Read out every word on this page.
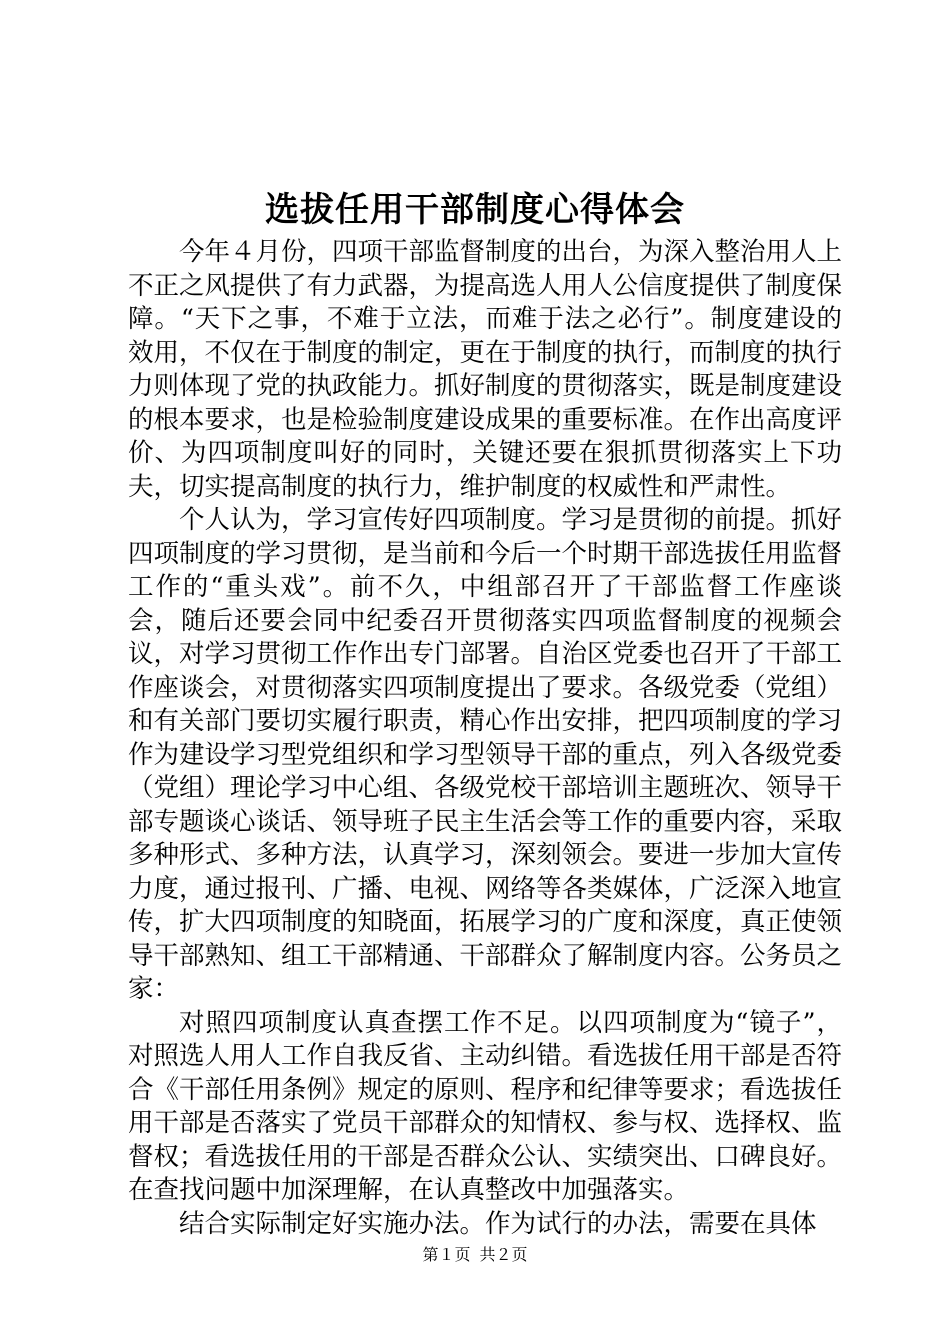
选拔任用干部制度心得体会

今年４月份，四项干部监督制度的出台，为深入整治用人上不正之风提供了有力武器，为提高选人用人公信度提供了制度保障。“天下之事，不难于立法，而难于法之必行”。制度建设的效用，不仅在于制度的制定，更在于制度的执行，而制度的执行力则体现了党的执政能力。抓好制度的贯彻落实，既是制度建设的根本要求，也是检验制度建设成果的重要标准。在作出高度评价、为四项制度叫好的同时，关键还要在狠抓贯彻落实上下功夫，切实提高制度的执行力，维护制度的权威性和严肃性。

个人认为，学习宣传好四项制度。学习是贯彻的前提。抓好四项制度的学习贯彻，是当前和今后一个时期干部选拔任用监督工作的“重头戏”。前不久，中组部召开了干部监督工作座谈会，随后还要会同中纪委召开贯彻落实四项监督制度的视频会议，对学习贯彻工作作出专门部署。自治区党委也召开了干部工作座谈会，对贯彻落实四项制度提出了要求。各级党委（党组）和有关部门要切实履行职责，精心作出安排，把四项制度的学习作为建设学习型党组织和学习型领导干部的重点，列入各级党委（党组）理论学习中心组、各级党校干部培训主题班次、领导干部专题谈心谈话、领导班子民主生活会等工作的重要内容，采取多种形式、多种方法，认真学习，深刻领会。要进一步加大宣传力度，通过报刊、广播、电视、网络等各类媒体，广泛深入地宣传，扩大四项制度的知晓面，拓展学习的广度和深度，真正使领导干部熟知、组工干部精通、干部群众了解制度内容。公务员之家：

对照四项制度认真查摆工作不足。以四项制度为“镜子”，对照选人用人工作自我反省、主动纠错。看选拔任用干部是否符合《干部任用条例》规定的原则、程序和纪律等要求；看选拔任用干部是否落实了党员干部群众的知情权、参与权、选择权、监督权；看选拔任用的干部是否群众公认、实绩突出、口碑良好。在查找问题中加深理解，在认真整改中加强落实。

结合实际制定好实施办法。作为试行的办法，需要在具体

第１页 共２页
